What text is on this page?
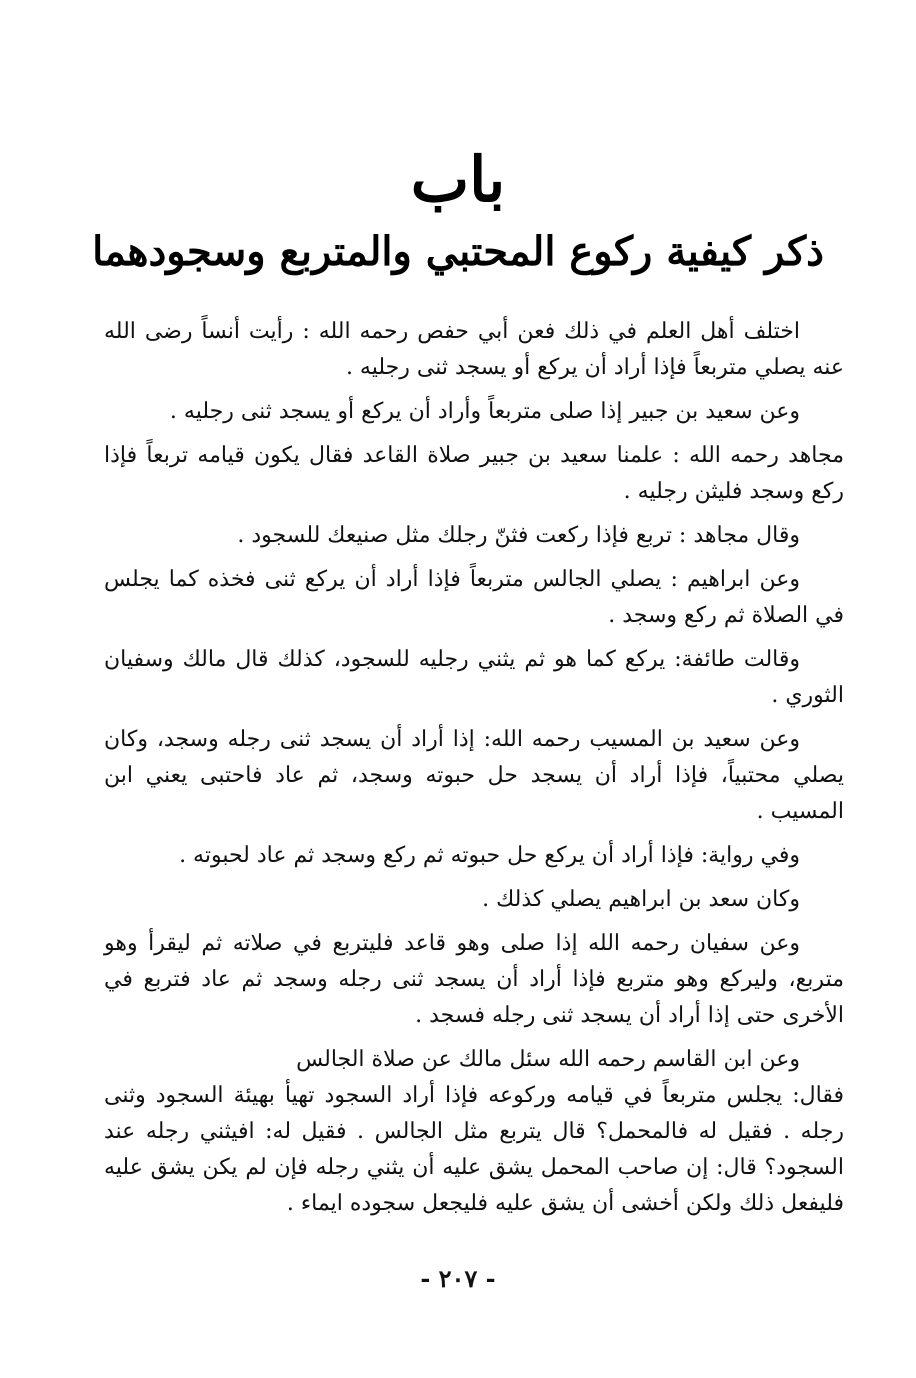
باب
ذكر كيفية ركوع المحتبي والمتربع وسجودهما

اختلف أهل العلم في ذلك فعن أبي حفص رحمه الله : رأيت أنساً رضى الله عنه يصلي متربعاً فإذا أراد أن يركع أو يسجد ثنى رجليه .

وعن سعيد بن جبير إذا صلى متربعاً وأراد أن يركع أو يسجد ثنى رجليه .

مجاهد رحمه الله : علمنا سعيد بن جبير صلاة القاعد فقال يكون قيامه تربعاً فإذا ركع وسجد فليثن رجليه .

وقال مجاهد : تربع فإذا ركعت فثنّ رجلك مثل صنيعك للسجود .

وعن ابراهيم : يصلي الجالس متربعاً فإذا أراد أن يركع ثنى فخذه كما يجلس في الصلاة ثم ركع وسجد .

وقالت طائفة: يركع كما هو ثم يثني رجليه للسجود، كذلك قال مالك وسفيان الثوري .

وعن سعيد بن المسيب رحمه الله: إذا أراد أن يسجد ثنى رجله وسجد، وكان يصلي محتبياً، فإذا أراد أن يسجد حل حبوته وسجد، ثم عاد فاحتبى يعني ابن المسيب .

وفي رواية: فإذا أراد أن يركع حل حبوته ثم ركع وسجد ثم عاد لحبوته .

وكان سعد بن ابراهيم يصلي كذلك .

وعن سفيان رحمه الله إذا صلى وهو قاعد فليتربع في صلاته ثم ليقرأ وهو متربع، وليركع وهو متربع فإذا أراد أن يسجد ثنى رجله وسجد ثم عاد فتربع في الأخرى حتى إذا أراد أن يسجد ثنى رجله فسجد .

وعن ابن القاسم رحمه الله سئل مالك عن صلاة الجالس

فقال: يجلس متربعاً في قيامه وركوعه فإذا أراد السجود تهيأ بهيئة السجود وثنى رجله . فقيل له فالمحمل؟ قال يتربع مثل الجالس . فقيل له: افيثني رجله عند السجود؟ قال: إن صاحب المحمل يشق عليه أن يثني رجله فإن لم يكن يشق عليه فليفعل ذلك ولكن أخشى أن يشق عليه فليجعل سجوده ايماء .

- ٢٠٧ -
